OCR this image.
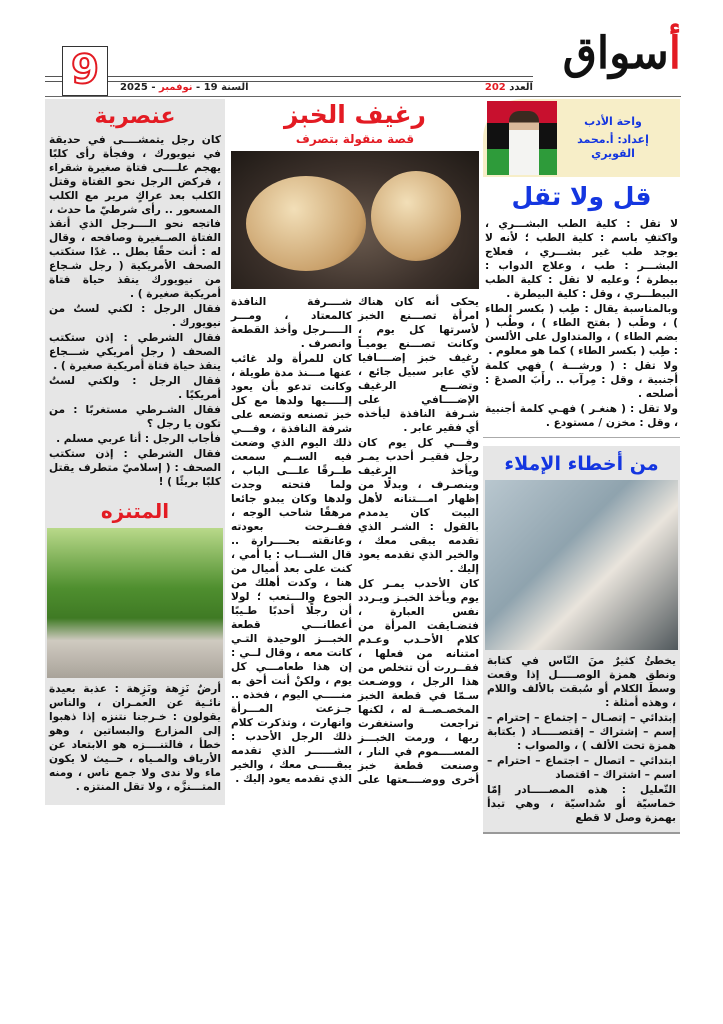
أسواق
9	العدد 202
السنة 19 - نوفمبر - 2025
واحة الأدب
إعداد: أ.محمد القويري
قل ولا تقل

لا تقل : كلية الطب البشـــري ، واكتفِ باسم : كلية الطب ؛ لأنه لا يوجد طب غير بشـــري ، فعلاج البشـــر : طب ، وعلاج الدواب : بيطرة ؛ وعليه لا تقل : كلية الطب البيطـــري ، وقل : كلية البيطرة .

وبالمناسبة يقال : طِب ( بكسر الطاء ) ، وطَب ( بفتح الطاء ) ، وطُب ( بضم الطاء ) ، والمتداول على الألسن : طِب ( بكسر الطاء ) كما هو معلوم .

ولا تقل : ( ورشـــة ) فهي كلمة أجنبية ، وقل : مِرآب .. رأَبَ الصدعَ : أصلحه .

ولا تقل : ( هنغـر ) فهـي كلمة أجنبية ، وقل : مخزن / مستودع .

من أخطاء الإملاء

يخطئُ كثيرٌ منَ النّاس في كتابة ونطق همزة الوصـــــل إذا وقعت وسطَ الكلام أو سُبقت بالألف واللام ، وهذه أمثلة :

إبتدائي – إتصـال – إجتماع – إحترام – إسم – إشتراك – إقتصـــــاد ( بكتابة همزة تحت الألف ) ، والصواب :

ابتدائي – اتصال – اجتماع – احترام – اسم – اشتراك – اقتصاد

التّعليل : هذه المصـــــادر إمّا خماسيّة أو سُداسيّة ، وهي تبدأ بهمزة وصل لا قطع

رغيف الخبز
قصة منقولة بتصرف

يحكى أنه كان هناك امرأة تصـــنع الخبز لأسرتها كل يوم ، وكانت تصـــنع يوميـاً رغيف خبز إضــــافيا لأي عابر سبيل جائع ، وتضـــع الرغيف الإضــــافي على شـرفة النافذة ليأخذه أي فقير عابر .

وفـــي كل يوم كان رجل فقيـر أحدب يمـر ويأخذ الرغيف وينصـرف ، وبدلًا من إظهار امـــتنانه لأهل البيت كان يدمدم بالقول : الشـر الذي تقدمه يبقى معك ، والخير الذي تقدمه يعود إليك .

كان الأحدب يمـر كل يوم ويأخذ الخبـز ويـردد نفس العبارة ، فتضـايقت المرأة من كلام الأحـدب وعـدم امتنانه من فعلها ، فقــررت أن تتخلص من هذا الرجل ، ووضـعت سـمّا في قطعة الخبز المخصـصــة له ، لكنها تراجعت واستغفرت ربها ، ورمت الخبـــز المســــموم في النار ، وصنعت قطعة خبز أخرى ووضــــعتها على شــــرفة النافذة كالمعتاد ، ومـــر الـــــرجل وأخذ القطعة وانصرف .

كان للمرأة ولد غائب عنها مـــنذ مدة طويلة ، وكانت تدعو بأن يعود إلـــــيها ولدها مع كل خبز تصنعه وتضعه على شرفة النافذة ، وفـــي ذلك اليوم الذي وضعت فيه الســم سمعت طــرقًا علـــى الباب ، ولما فتحته وجدت ولدها وكان يبدو جائعا مرهقًا شاحب الوجه ، ففــرحت بعودته وعانقته بحــــرارة .. قال الشـــاب : يا أمي ، كنت على بعد أميال من هنا ، وكدت أهلك من الجوع والـــتعب ؛ لولا أن رجلًا أحدبًا طـيبًا أعطانـــي قطعة الخبـــز الوحيدة التـي كانت معه ، وقال لــي : إن هذا طعامـــي كل يوم ، ولكنْ أنت أحق به منـــــي اليوم ، فخذه .. جـزعت المـــرأة وانهارت ، وتذكرت كلام ذلك الرجل الأحدب : الشــــــر الذي تقدمه يبقـــــى معك ، والخير الذي تقدمه يعود إليك .

عنصرية

كان رجل يتمشــــى في حديقة في نيويورك ، وفجأة رأى كلبًا يهجم علــــى فتاة صغيرة شقراء ، فركض الرجل نحو الفتاة وقتل الكلب بعد عراكٍ مرير مع الكلب المسعور .. رأى شرطيّ ما حدث ، فاتجه نحو الــــرجل الذي أنقذ الفتاة الصــغيرة وصافحه ، وقال له : أنت حقًا بطل .. غدًا ستكتب الصحف الأمريكية ( رجل شـجاع من نيويورك ينقذ حياة فتاة أمريكية صغيرة ) .

فقال الرجل : لكني لستُ من نيويورك .

فقال الشرطي : إذن ستكتب الصحف ( رجل أمريكي شـــجاع ينقذ حياة فتاة أمريكية صغيرة ) .

فقال الرجل : ولكني لستُ أمريكيًا .

فقال الشـرطي مستغربًا : من تكون يا رجل ؟

فأجاب الرجل : أنا عربي مسلم .

فقال الشرطي : إذن ستكتب الصحف : ( إسلاميّ متطرف يقتل كلبًا بريئًا ) !

المتنزه

أرضٌ نَزِهة ونَزِهة : عذبة بعيدة نائـية عن العمـران ، والناس يقولون : خـرجنا نتنزه إذا ذهبوا إلى المزارع والبساتين ، وهو خطأ ، فالتنــــزه هو الابتعاد عن الأرياف والمـياه ، حــيث لا يكون ماء ولا ندى ولا جمع ناس ، ومنه المتـــنزَّه ، ولا تقل المنتزه .
